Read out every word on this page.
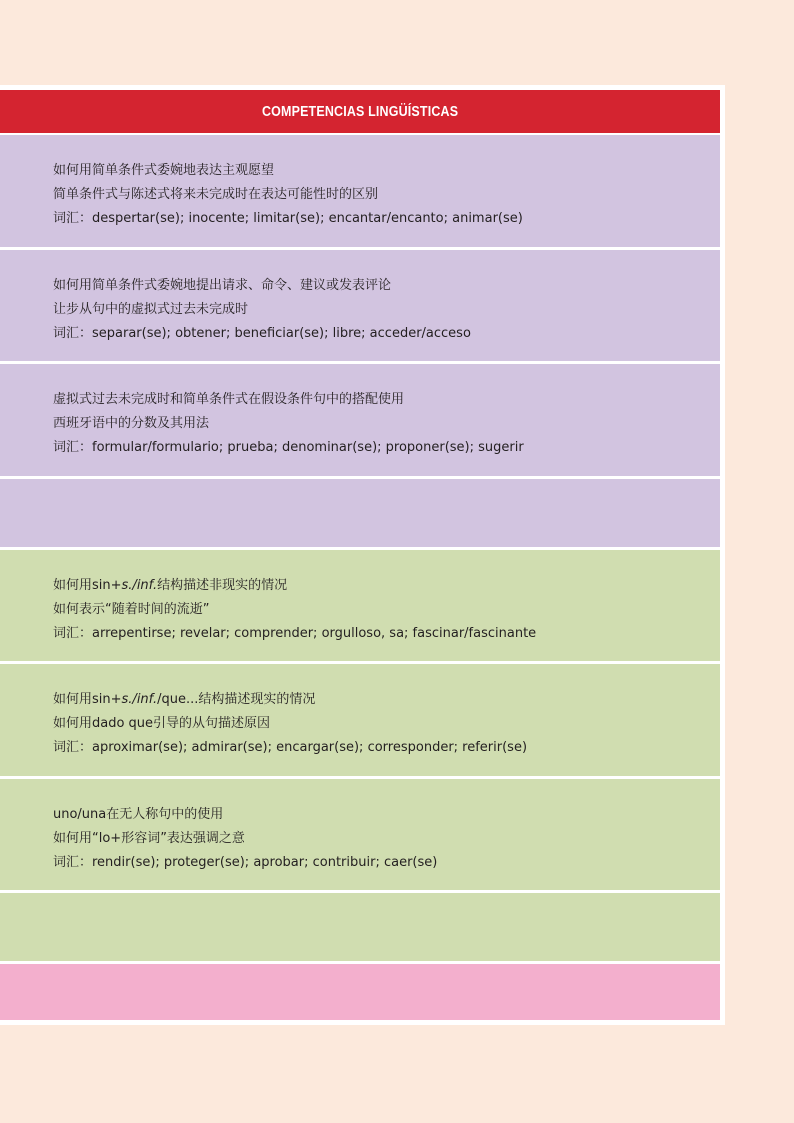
COMPETENCIAS LINGÜÍSTICAS
如何用简单条件式委婉地表达主观愿望
简单条件式与陈述式将来未完成时在表达可能性时的区别
词汇：despertar(se); inocente; limitar(se); encantar/encanto; animar(se)
如何用简单条件式委婉地提出请求、命令、建议或发表评论
让步从句中的虚拟式过去未完成时
词汇：separar(se); obtener; beneficiar(se); libre; acceder/acceso
虚拟式过去未完成时和简单条件式在假设条件句中的搭配使用
西班牙语中的分数及其用法
词汇：formular/formulario; prueba; denominar(se); proponer(se); sugerir
如何用sin+s./inf.结构描述非现实的情况
如何表示“随着时间的流逝”
词汇：arrepentirse; revelar; comprender; orgulloso, sa; fascinar/fascinante
如何用sin+s./inf./que...结构描述现实的情况
如何用dado que引导的从句描述原因
词汇：aproximar(se); admirar(se); encargar(se); corresponder; referir(se)
uno/una在无人称句中的使用
如何用“lo+形容词”表达强调之意
词汇：rendir(se); proteger(se); aprobar; contribuir; caer(se)
